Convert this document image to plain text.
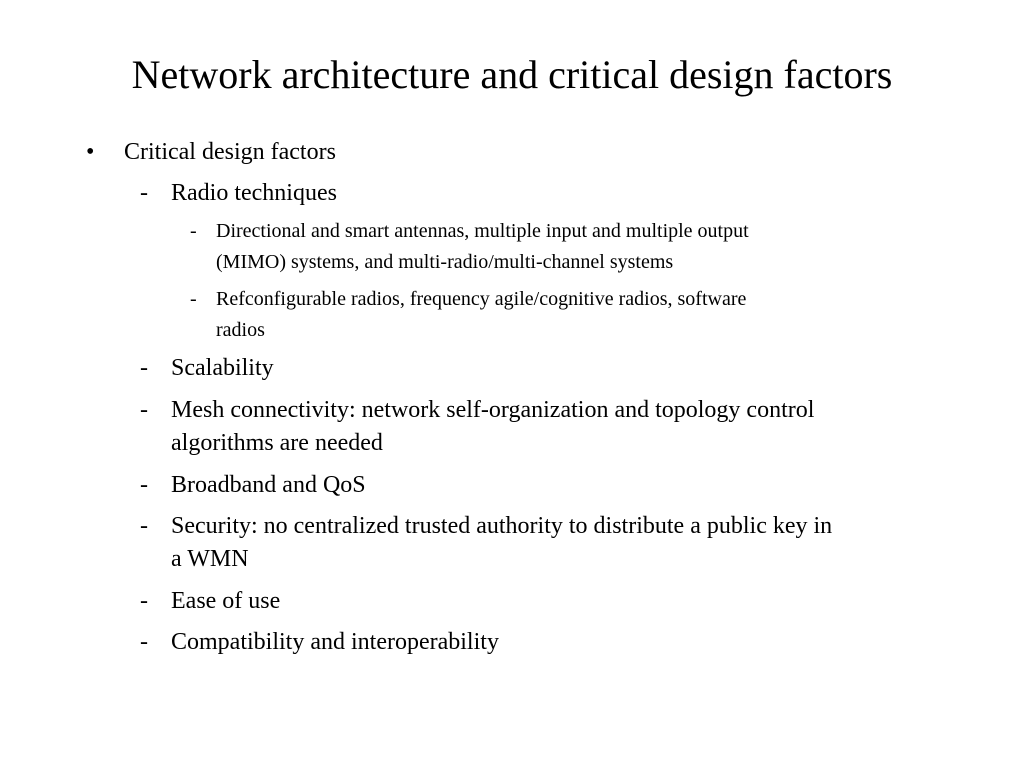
Network architecture and critical design factors
• Critical design factors
- Radio techniques
- Directional and smart antennas, multiple input and multiple output
(MIMO) systems, and multi-radio/multi-channel systems
- Refconfigurable radios, frequency agile/cognitive radios, software
radios
- Scalability
- Mesh connectivity: network self-organization and topology control
algorithms are needed
- Broadband and QoS
- Security: no centralized trusted authority to distribute a public key in
a WMN
- Ease of use
- Compatibility and interoperability
